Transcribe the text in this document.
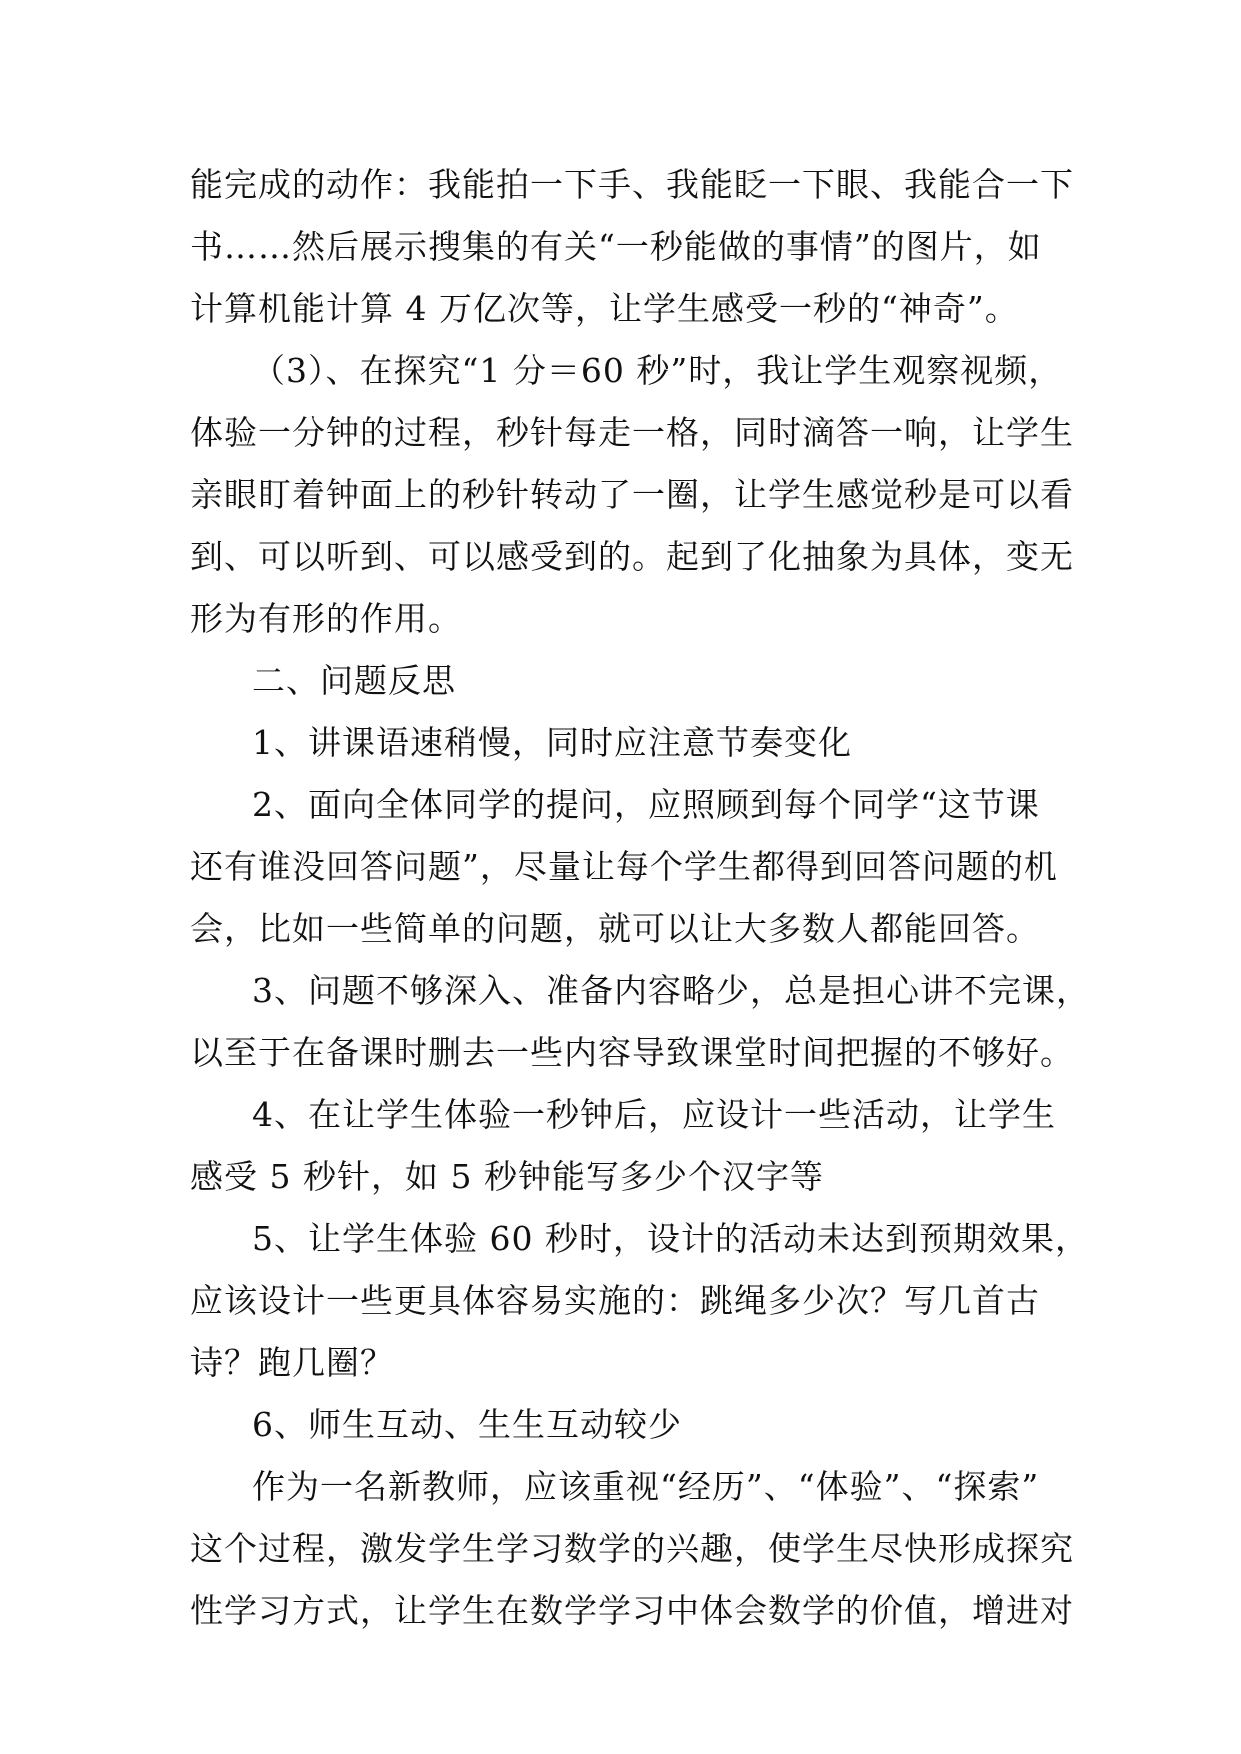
能完成的动作：我能拍一下手、我能眨一下眼、我能合一下
书……然后展示搜集的有关“一秒能做的事情”的图片，如
计算机能计算 4 万亿次等，让学生感受一秒的“神奇”。
（3）、在探究“1 分＝60 秒”时，我让学生观察视频，
体验一分钟的过程，秒针每走一格，同时滴答一响，让学生
亲眼盯着钟面上的秒针转动了一圈，让学生感觉秒是可以看
到、可以听到、可以感受到的。起到了化抽象为具体，变无
形为有形的作用。
二、问题反思
1、讲课语速稍慢，同时应注意节奏变化
2、面向全体同学的提问，应照顾到每个同学“这节课
还有谁没回答问题”，尽量让每个学生都得到回答问题的机
会，比如一些简单的问题，就可以让大多数人都能回答。
3、问题不够深入、准备内容略少，总是担心讲不完课，
以至于在备课时删去一些内容导致课堂时间把握的不够好。
4、在让学生体验一秒钟后，应设计一些活动，让学生
感受 5 秒针，如 5 秒钟能写多少个汉字等
5、让学生体验 60 秒时，设计的活动未达到预期效果，
应该设计一些更具体容易实施的：跳绳多少次？写几首古
诗？跑几圈？
6、师生互动、生生互动较少
作为一名新教师，应该重视“经历”、“体验”、“探索”
这个过程，激发学生学习数学的兴趣，使学生尽快形成探究
性学习方式，让学生在数学学习中体会数学的价值，增进对
